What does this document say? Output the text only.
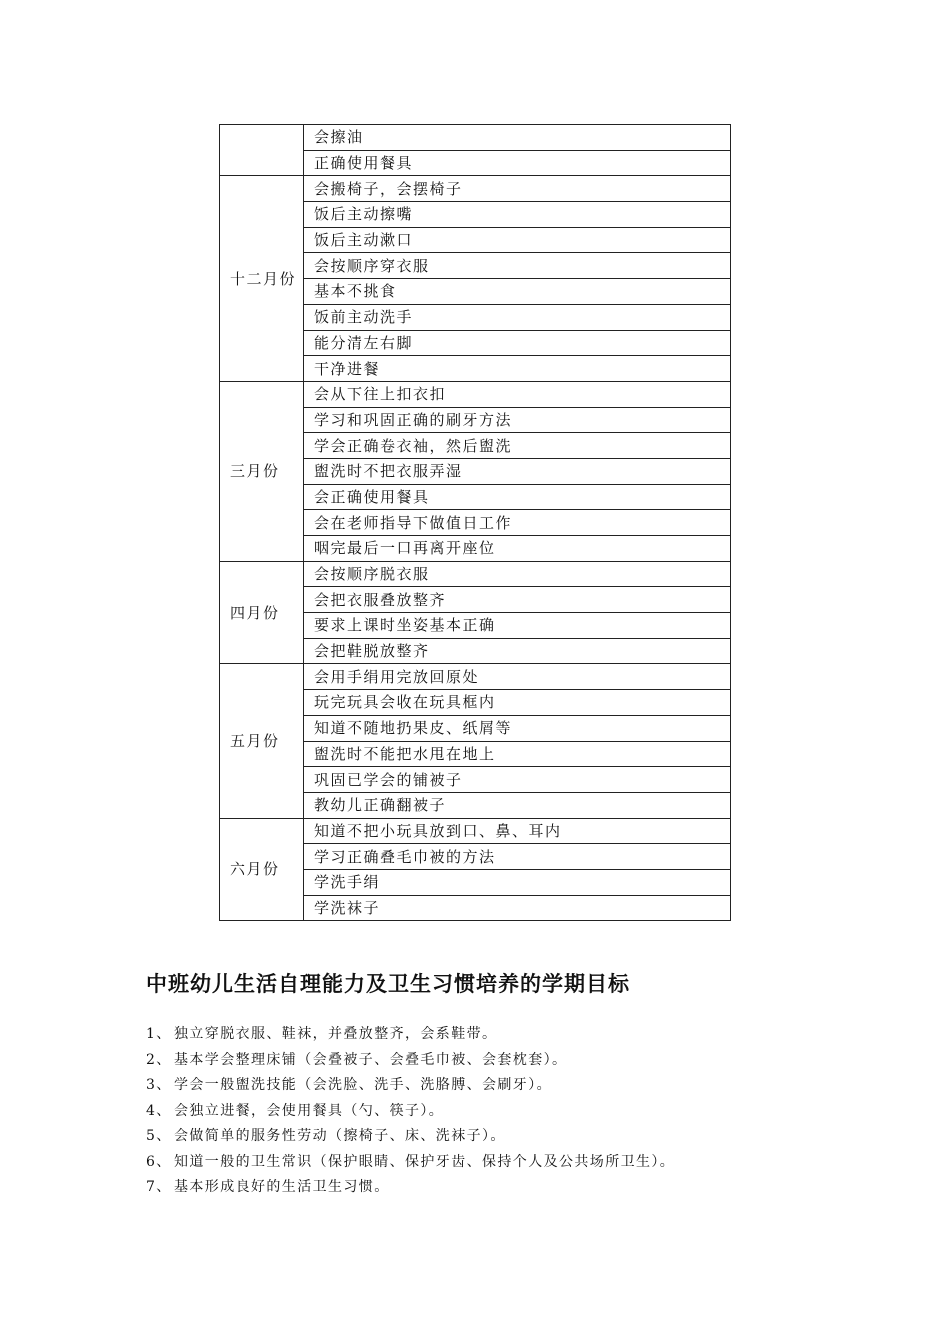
	会擦油
	正确使用餐具
十二月份	会搬椅子，会摆椅子
	饭后主动擦嘴
	饭后主动漱口
	会按顺序穿衣服
	基本不挑食
	饭前主动洗手
	能分清左右脚
	干净进餐
三月份	会从下往上扣衣扣
	学习和巩固正确的刷牙方法
	学会正确卷衣袖，然后盥洗
	盥洗时不把衣服弄湿
	会正确使用餐具
	会在老师指导下做值日工作
	咽完最后一口再离开座位
四月份	会按顺序脱衣服
	会把衣服叠放整齐
	要求上课时坐姿基本正确
	会把鞋脱放整齐
五月份	会用手绢用完放回原处
	玩完玩具会收在玩具框内
	知道不随地扔果皮、纸屑等
	盥洗时不能把水甩在地上
	巩固已学会的铺被子
	教幼儿正确翻被子
六月份	知道不把小玩具放到口、鼻、耳内
	学习正确叠毛巾被的方法
	学洗手绢
	学洗袜子
中班幼儿生活自理能力及卫生习惯培养的学期目标
1、 独立穿脱衣服、鞋袜，并叠放整齐，会系鞋带。
2、 基本学会整理床铺（会叠被子、会叠毛巾被、会套枕套）。
3、 学会一般盥洗技能（会洗脸、洗手、洗胳膊、会刷牙）。
4、 会独立进餐，会使用餐具（勺、筷子）。
5、 会做简单的服务性劳动（擦椅子、床、洗袜子）。
6、 知道一般的卫生常识（保护眼睛、保护牙齿、保持个人及公共场所卫生）。
7、 基本形成良好的生活卫生习惯。
